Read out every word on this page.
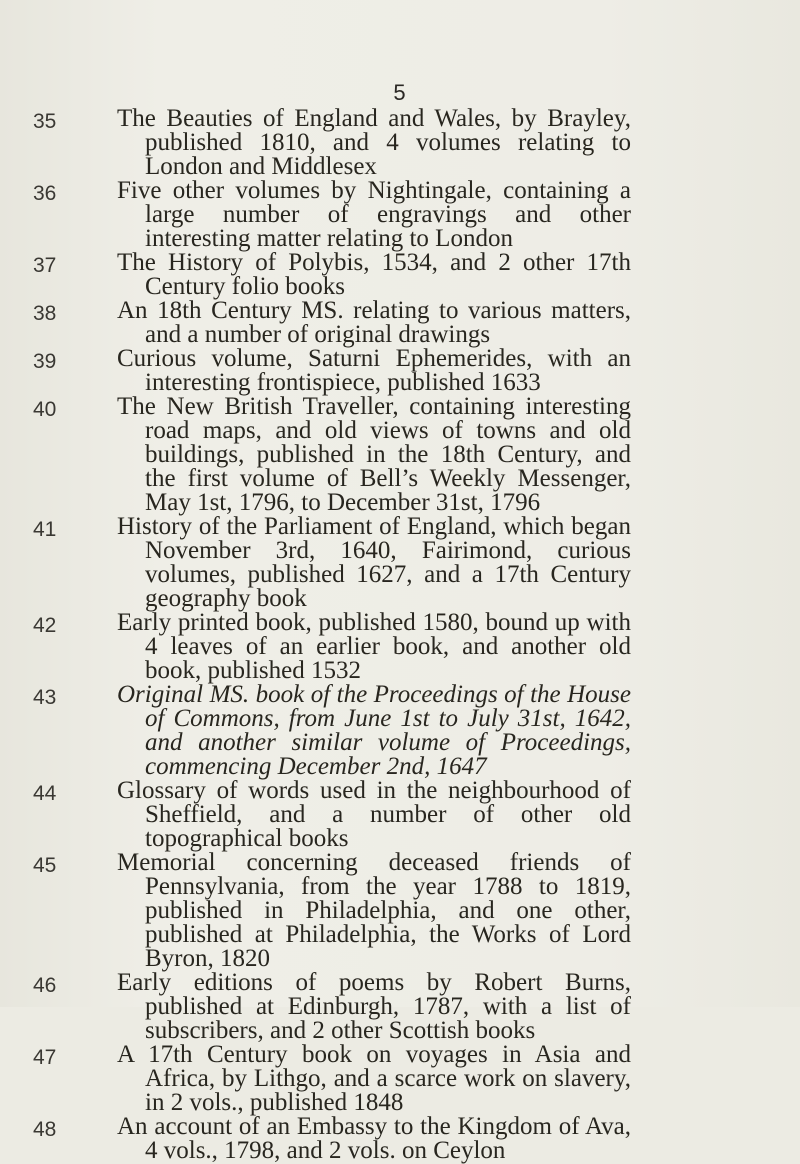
5
35	The Beauties of England and Wales, by Brayley, published 1810, and 4 volumes relating to London and Middlesex
36	Five other volumes by Nightingale, containing a large number of engravings and other interesting matter relating to London
37	The History of Polybis, 1534, and 2 other 17th Century folio books
38	An 18th Century MS. relating to various matters, and a number of original drawings
39	Curious volume, Saturni Ephemerides, with an interesting frontispiece, published 1633
40	The New British Traveller, containing interesting road maps, and old views of towns and old buildings, published in the 18th Century, and the first volume of Bell’s Weekly Messenger, May 1st, 1796, to December 31st, 1796
41	History of the Parliament of England, which began November 3rd, 1640, Fairimond, curious volumes, published 1627, and a 17th Century geography book
42	Early printed book, published 1580, bound up with 4 leaves of an earlier book, and another old book, published 1532
43	Original MS. book of the Proceedings of the House of Commons, from June 1st to July 31st, 1642, and another similar volume of Proceedings, commencing December 2nd, 1647
44	Glossary of words used in the neighbourhood of Sheffield, and a number of other old topographical books
45	Memorial concerning deceased friends of Pennsylvania, from the year 1788 to 1819, published in Philadelphia, and one other, published at Philadelphia, the Works of Lord Byron, 1820
46	Early editions of poems by Robert Burns, published at Edinburgh, 1787, with a list of subscribers, and 2 other Scottish books
47	A 17th Century book on voyages in Asia and Africa, by Lithgo, and a scarce work on slavery, in 2 vols., published 1848
48	An account of an Embassy to the Kingdom of Ava, 4 vols., 1798, and 2 vols. on Ceylon
